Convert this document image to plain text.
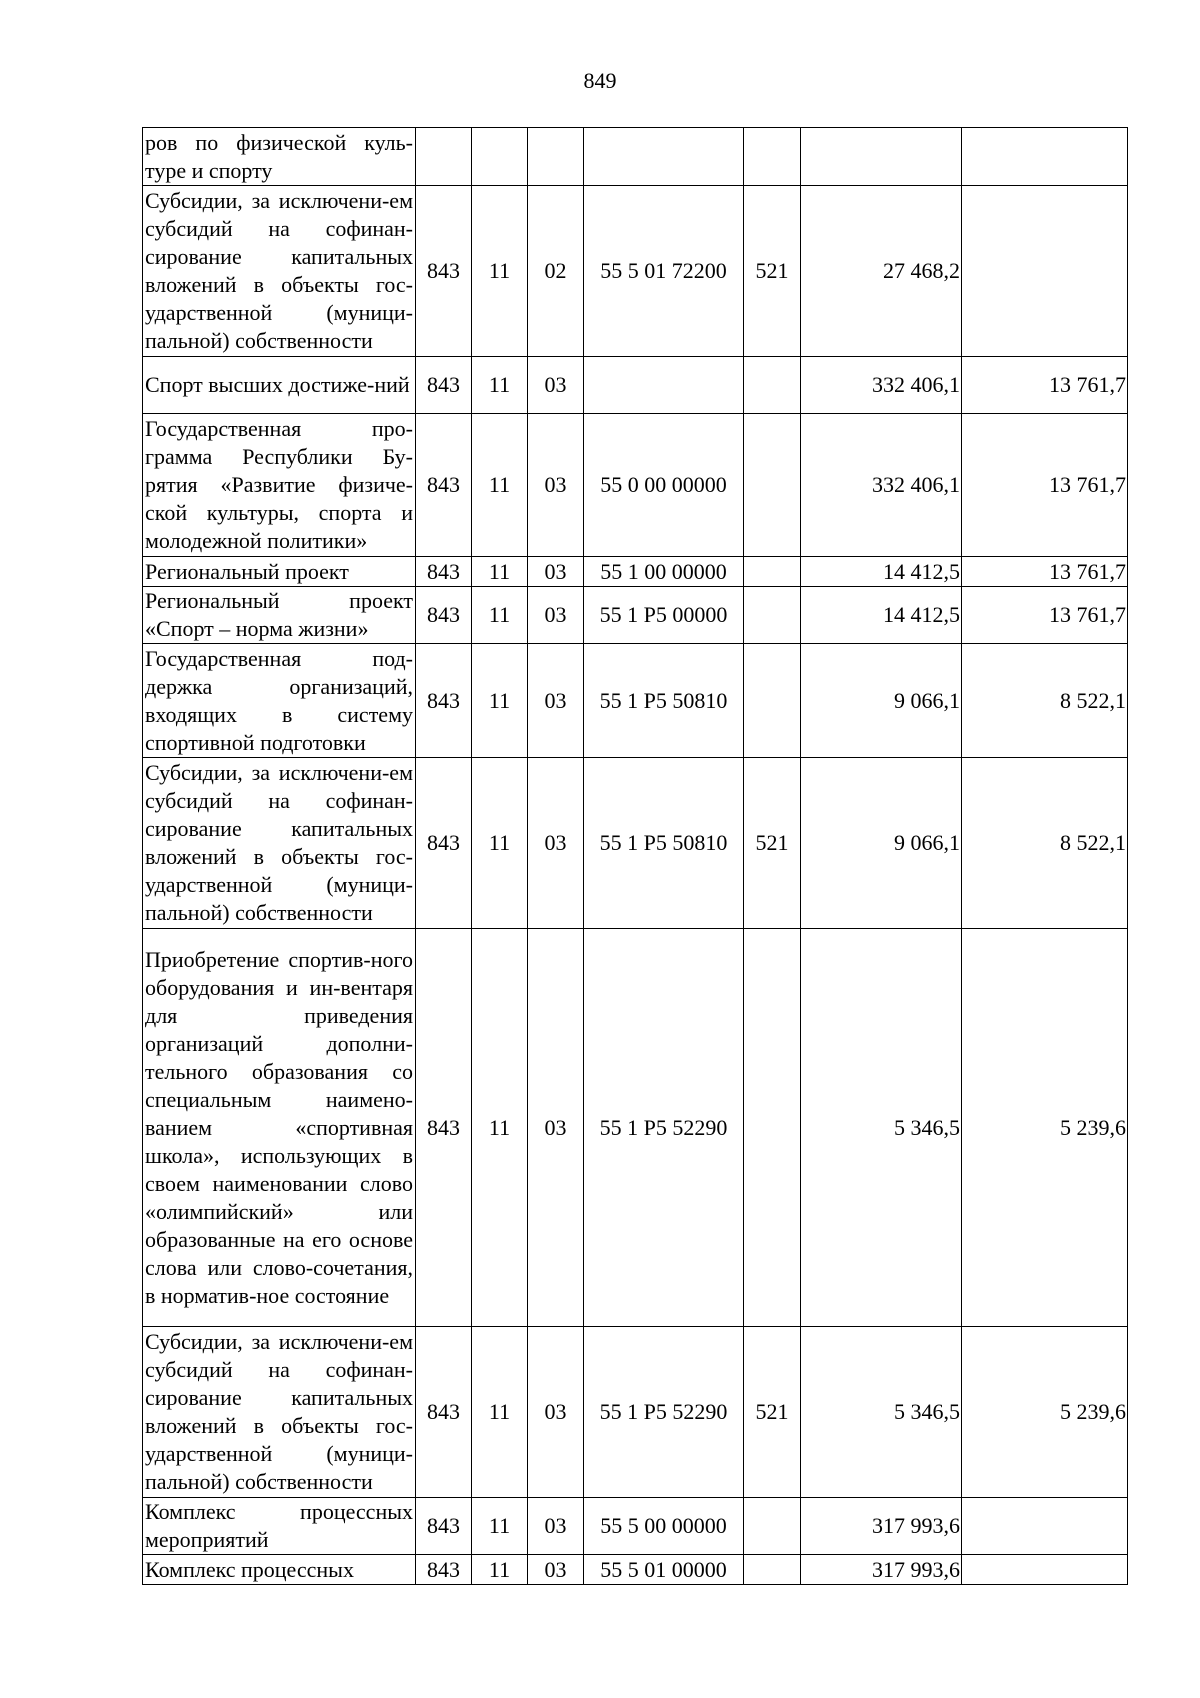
849
ров по физической куль-туре и спорту							
Субсидии, за исключени-ем субсидий на софинан-сирование капитальных вложений в объекты гос-ударственной (муници-пальной) собственности	843	11	02	55 5 01 72200	521	27 468,2	
Спорт высших достиже-ний	843	11	03			332 406,1	13 761,7
Государственная про-грамма Республики Бу-рятия «Развитие физиче-ской культуры, спорта и молодежной политики»	843	11	03	55 0 00 00000		332 406,1	13 761,7
Региональный проект	843	11	03	55 1 00 00000		14 412,5	13 761,7
Региональный проект «Спорт – норма жизни»	843	11	03	55 1 Р5 00000		14 412,5	13 761,7
Государственная под-держка организаций, входящих в систему спортивной подготовки	843	11	03	55 1 Р5 50810		9 066,1	8 522,1
Субсидии, за исключени-ем субсидий на софинан-сирование капитальных вложений в объекты гос-ударственной (муници-пальной) собственности	843	11	03	55 1 Р5 50810	521	9 066,1	8 522,1
Приобретение спортив-ного оборудования и ин-вентаря для приведения организаций дополни-тельного образования со специальным наимено-ванием «спортивная школа», использующих в своем наименовании слово «олимпийский» или образованные на его основе слова или слово-сочетания, в норматив-ное состояние	843	11	03	55 1 Р5 52290		5 346,5	5 239,6
Субсидии, за исключени-ем субсидий на софинан-сирование капитальных вложений в объекты гос-ударственной (муници-пальной) собственности	843	11	03	55 1 Р5 52290	521	5 346,5	5 239,6
Комплекс процессных мероприятий	843	11	03	55 5 00 00000		317 993,6	
Комплекс процессных	843	11	03	55 5 01 00000		317 993,6	
